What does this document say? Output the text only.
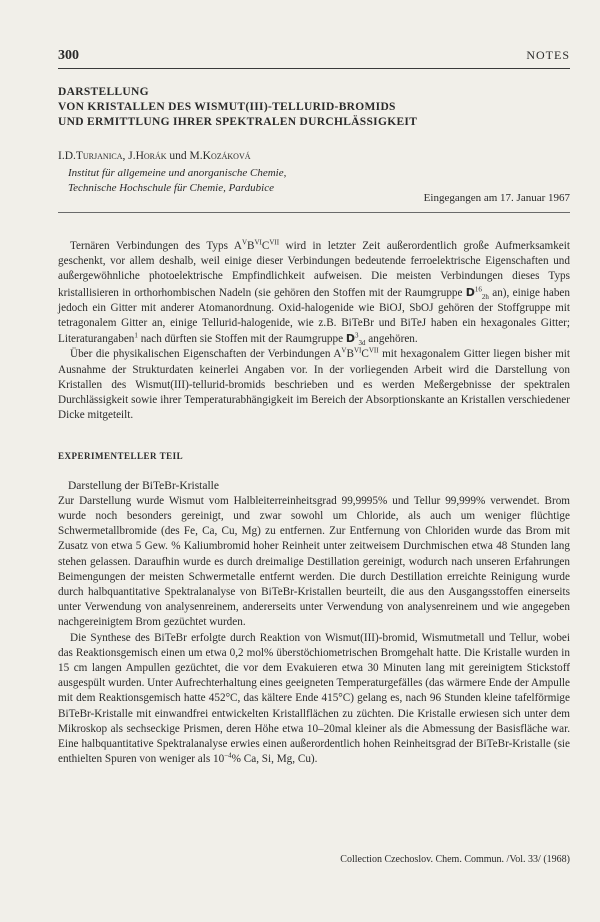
300	NOTES
DARSTELLUNG
VON KRISTALLEN DES WISMUT(III)-TELLURID-BROMIDS
UND ERMITTLUNG IHRER SPEKTRALEN DURCHLÄSSIGKEIT
I.D.Turjanica, J.Horák und M.Kozáková
Institut für allgemeine und anorganische Chemie,
Technische Hochschule für Chemie, Pardubice
Eingegangen am 17. Januar 1967

Ternären Verbindungen des Typs $A^VB^{VI}C^{VII}$ wird in letzter Zeit außerordentlich große Aufmerksamkeit geschenkt, vor allem deshalb, weil einige dieser Verbindungen bedeutende ferroelektrische Eigenschaften und außergewöhnliche photoelektrische Empfindlichkeit aufweisen. Die meisten Verbindungen dieses Typs kristallisieren in orthorhombischen Nadeln (sie gehören den Stoffen mit der Raumgruppe $D^{16}_{2h}$ an), einige haben jedoch ein Gitter mit anderer Atomanordnung. Oxid-halogenide wie BiOJ, SbOJ gehören der Stoffgruppe mit tetragonalem Gitter an, einige Tellurid-halogenide, wie z.B. BiTeBr und BiTeJ haben ein hexagonales Gitter; Literaturangaben$^1$ nach dürften sie Stoffen mit der Raumgruppe $D^3_{3d}$ angehören.

Über die physikalischen Eigenschaften der Verbindungen $A^VB^{VI}C^{VII}$ mit hexagonalem Gitter liegen bisher mit Ausnahme der Strukturdaten keinerlei Angaben vor. In der vorliegenden Arbeit wird die Darstellung von Kristallen des Wismut(III)-tellurid-bromids beschrieben und es werden Meßergebnisse der spektralen Durchlässigkeit sowie ihrer Temperaturabhängigkeit im Bereich der Absorptionskante an Kristallen verschiedener Dicke mitgeteilt.

EXPERIMENTELLER TEIL
Darstellung der BiTeBr-Kristalle

Zur Darstellung wurde Wismut vom Halbleiterreinheitsgrad 99,9995% und Tellur 99,999% verwendet. Brom wurde noch besonders gereinigt, und zwar sowohl um Chloride, als auch um weniger flüchtige Schwermetallbromide (des Fe, Ca, Cu, Mg) zu entfernen. Zur Entfernung von Chloriden wurde das Brom mit Zusatz von etwa 5 Gew. % Kaliumbromid hoher Reinheit unter zeitweisem Durchmischen etwa 48 Stunden lang stehen gelassen. Daraufhin wurde es durch dreimalige Destillation gereinigt, wodurch nach unseren Erfahrungen Beimengungen der meisten Schwermetalle entfernt werden. Die durch Destillation erreichte Reinigung wurde durch halbquantitative Spektralanalyse von BiTeBr-Kristallen beurteilt, die aus den Ausgangsstoffen einerseits unter Verwendung von analysenreinem, andererseits unter Verwendung von analysenreinem und wie angegeben nachgereinigtem Brom gezüchtet wurden.

Die Synthese des BiTeBr erfolgte durch Reaktion von Wismut(III)-bromid, Wismutmetall und Tellur, wobei das Reaktionsgemisch einen um etwa 0,2 mol% überstöchiometrischen Bromgehalt hatte. Die Kristalle wurden in 15 cm langen Ampullen gezüchtet, die vor dem Evakuieren etwa 30 Minuten lang mit gereinigtem Stickstoff ausgespült wurden. Unter Aufrechterhaltung eines geeigneten Temperaturgefälles (das wärmere Ende der Ampulle mit dem Reaktionsgemisch hatte 452°C, das kältere Ende 415°C) gelang es, nach 96 Stunden kleine tafelförmige BiTeBr-Kristalle mit einwandfrei entwickelten Kristallflächen zu züchten. Die Kristalle erwiesen sich unter dem Mikroskop als sechseckige Prismen, deren Höhe etwa 10–20mal kleiner als die Abmessung der Basisfläche war. Eine halbquantitative Spektralanalyse erwies einen außerordentlich hohen Reinheitsgrad der BiTeBr-Kristalle (sie enthielten Spuren von weniger als $10^{-4}\%$ Ca, Si, Mg, Cu).

Collection Czechoslov. Chem. Commun. /Vol. 33/ (1968)
